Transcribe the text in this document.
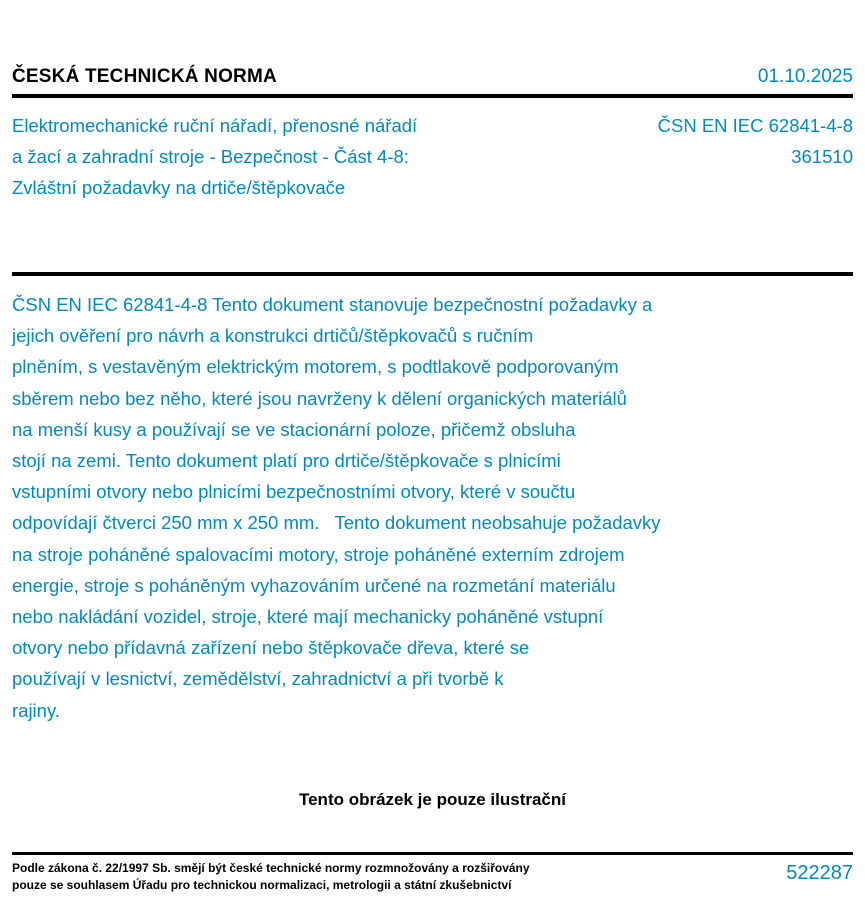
ČESKÁ TECHNICKÁ NORMA	01.10.2025
Elektromechanické ruční nářadí, přenosné nářadí
a žací a zahradní stroje - Bezpečnost - Část 4-8:
Zvláštní požadavky na drtiče/štěpkovače
ČSN EN IEC 62841-4-8
361510
ČSN EN IEC 62841-4-8 Tento dokument stanovuje bezpečnostní požadavky a
jejich ověření pro návrh a konstrukci drtičů/štěpkovačů s ručním
plněním, s vestavěným elektrickým motorem, s podtlakově podporovaným
sběrem nebo bez něho, které jsou navrženy k dělení organických materiálů
na menší kusy a používají se ve stacionární poloze, přičemž obsluha
stojí na zemi. Tento dokument platí pro drtiče/štěpkovače s plnicími
vstupními otvory nebo plnicími bezpečnostními otvory, které v součtu
odpovídají čtverci 250 mm x 250 mm.   Tento dokument neobsahuje požadavky
na stroje poháněné spalovacími motory, stroje poháněné externím zdrojem
energie, stroje s poháněným vyhazováním určené na rozmetání materiálu
nebo nakládání vozidel, stroje, které mají mechanicky poháněné vstupní
otvory nebo přídavná zařízení nebo štěpkovače dřeva, které se
používají v lesnictví, zemědělství, zahradnictví a při tvorbě k
rajiny.
Tento obrázek je pouze ilustrační
Podle zákona č. 22/1997 Sb. smějí být české technické normy rozmnožovány a rozšiřovány
pouze se souhlasem Úřadu pro technickou normalizaci, metrologii a státní zkušebnictví
522287
